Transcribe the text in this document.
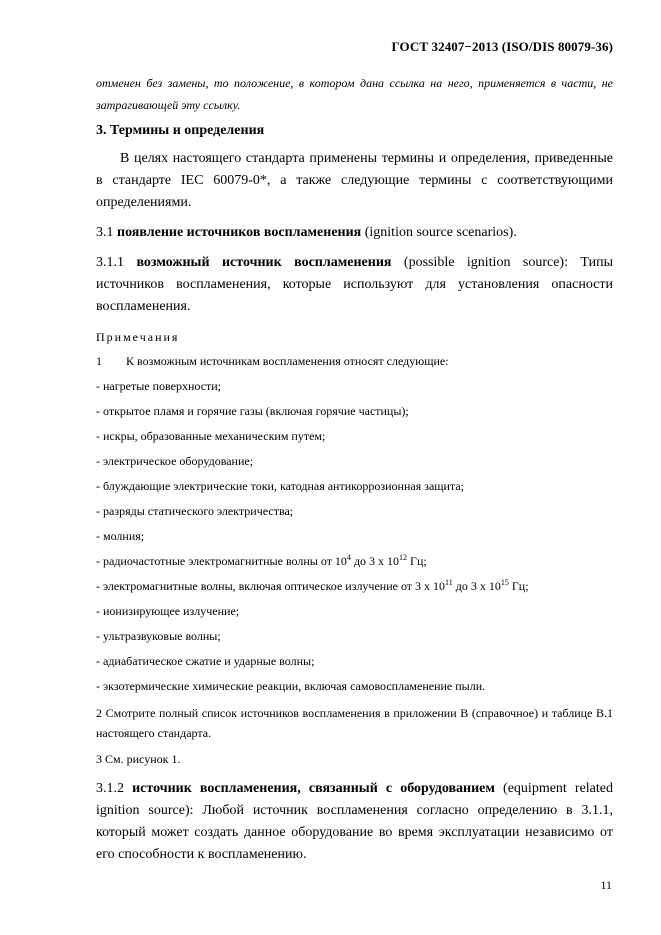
ГОСТ 32407−2013 (ISO/DIS 80079-36)
отменен без замены, то положение, в котором дана ссылка на него, применяется в части, не затрагивающей эту ссылку.
3. Термины и определения
В целях настоящего стандарта применены термины и определения, приведенные в стандарте IEC 60079-0*, а также следующие термины с соответствующими определениями.
3.1 появление источников воспламенения (ignition source scenarios).
3.1.1 возможный источник воспламенения (possible ignition source): Типы источников воспламенения, которые используют для установления опасности воспламенения.
Примечания
1 К возможным источникам воспламенения относят следующие:
- нагретые поверхности;
- открытое пламя и горячие газы (включая горячие частицы);
- искры, образованные механическим путем;
- электрическое оборудование;
- блуждающие электрические токи, катодная антикоррозионная защита;
- разряды статического электричества;
- молния;
- радиочастотные электромагнитные волны от $10^4$ до 3 x $10^{12}$ Гц;
- электромагнитные волны, включая оптическое излучение от 3 x $10^{11}$ до 3 x $10^{15}$ Гц;
- ионизирующее излучение;
- ультразвуковые волны;
- адиабатическое сжатие и ударные волны;
- экзотермические химические реакции, включая самовоспламенение пыли.
2 Смотрите полный список источников воспламенения в приложении В (справочное) и таблице В.1 настоящего стандарта.
3 См. рисунок 1.
3.1.2 источник воспламенения, связанный с оборудованием (equipment related ignition source): Любой источник воспламенения согласно определению в 3.1.1, который может создать данное оборудование во время эксплуатации независимо от его способности к воспламенению.
11
